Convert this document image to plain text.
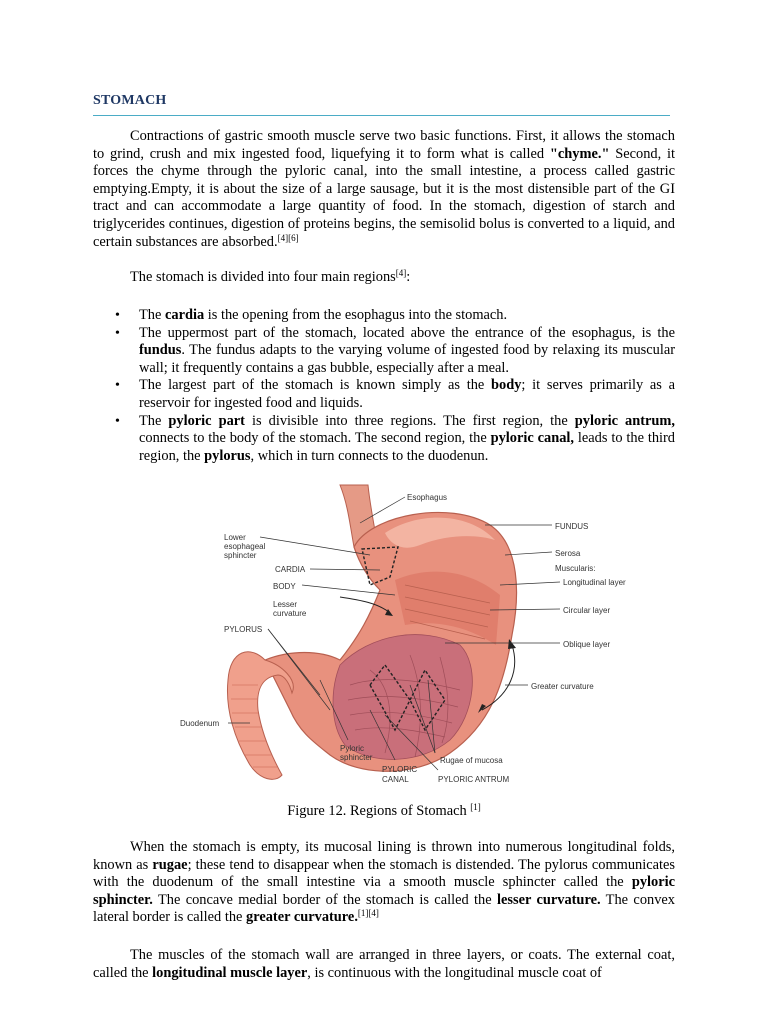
STOMACH

Contractions of gastric smooth muscle serve two basic functions. First, it allows the stomach to grind, crush and mix ingested food, liquefying it to form what is called "chyme." Second, it forces the chyme through the pyloric canal, into the small intestine, a process called gastric emptying.Empty, it is about the size of a large sausage, but it is the most distensible part of the GI tract and can accommodate a large quantity of food. In the stomach, digestion of starch and triglycerides continues, digestion of proteins begins, the semisolid bolus is converted to a liquid, and certain substances are absorbed.[4][6]

The stomach is divided into four main regions[4]:

• The cardia is the opening from the esophagus into the stomach.
• The uppermost part of the stomach, located above the entrance of the esophagus, is the fundus. The fundus adapts to the varying volume of ingested food by relaxing its muscular wall; it frequently contains a gas bubble, especially after a meal.
• The largest part of the stomach is known simply as the body; it serves primarily as a reservoir for ingested food and liquids.
• The pyloric part is divisible into three regions. The first region, the pyloric antrum, connects to the body of the stomach. The second region, the pyloric canal, leads to the third region, the pylorus, which in turn connects to the duodenun.
Esophagus
FUNDUS
Serosa
Muscularis:
Longitudinal layer
Circular layer
Oblique layer
Greater curvature
Lower
esophageal
sphincter
CARDIA
BODY
Lesser
curvature
PYLORUS
Duodenum
Pyloric
sphincter
PYLORIC
CANAL
Rugae of mucosa
PYLORIC ANTRUM

Figure 12. Regions of Stomach [1]

When the stomach is empty, its mucosal lining is thrown into numerous longitudinal folds, known as rugae; these tend to disappear when the stomach is distended. The pylorus communicates with the duodenum of the small intestine via a smooth muscle sphincter called the pyloric sphincter. The concave medial border of the stomach is called the lesser curvature. The convex lateral border is called the greater curvature.[1][4]

The muscles of the stomach wall are arranged in three layers, or coats. The external coat, called the longitudinal muscle layer, is continuous with the longitudinal muscle coat of
